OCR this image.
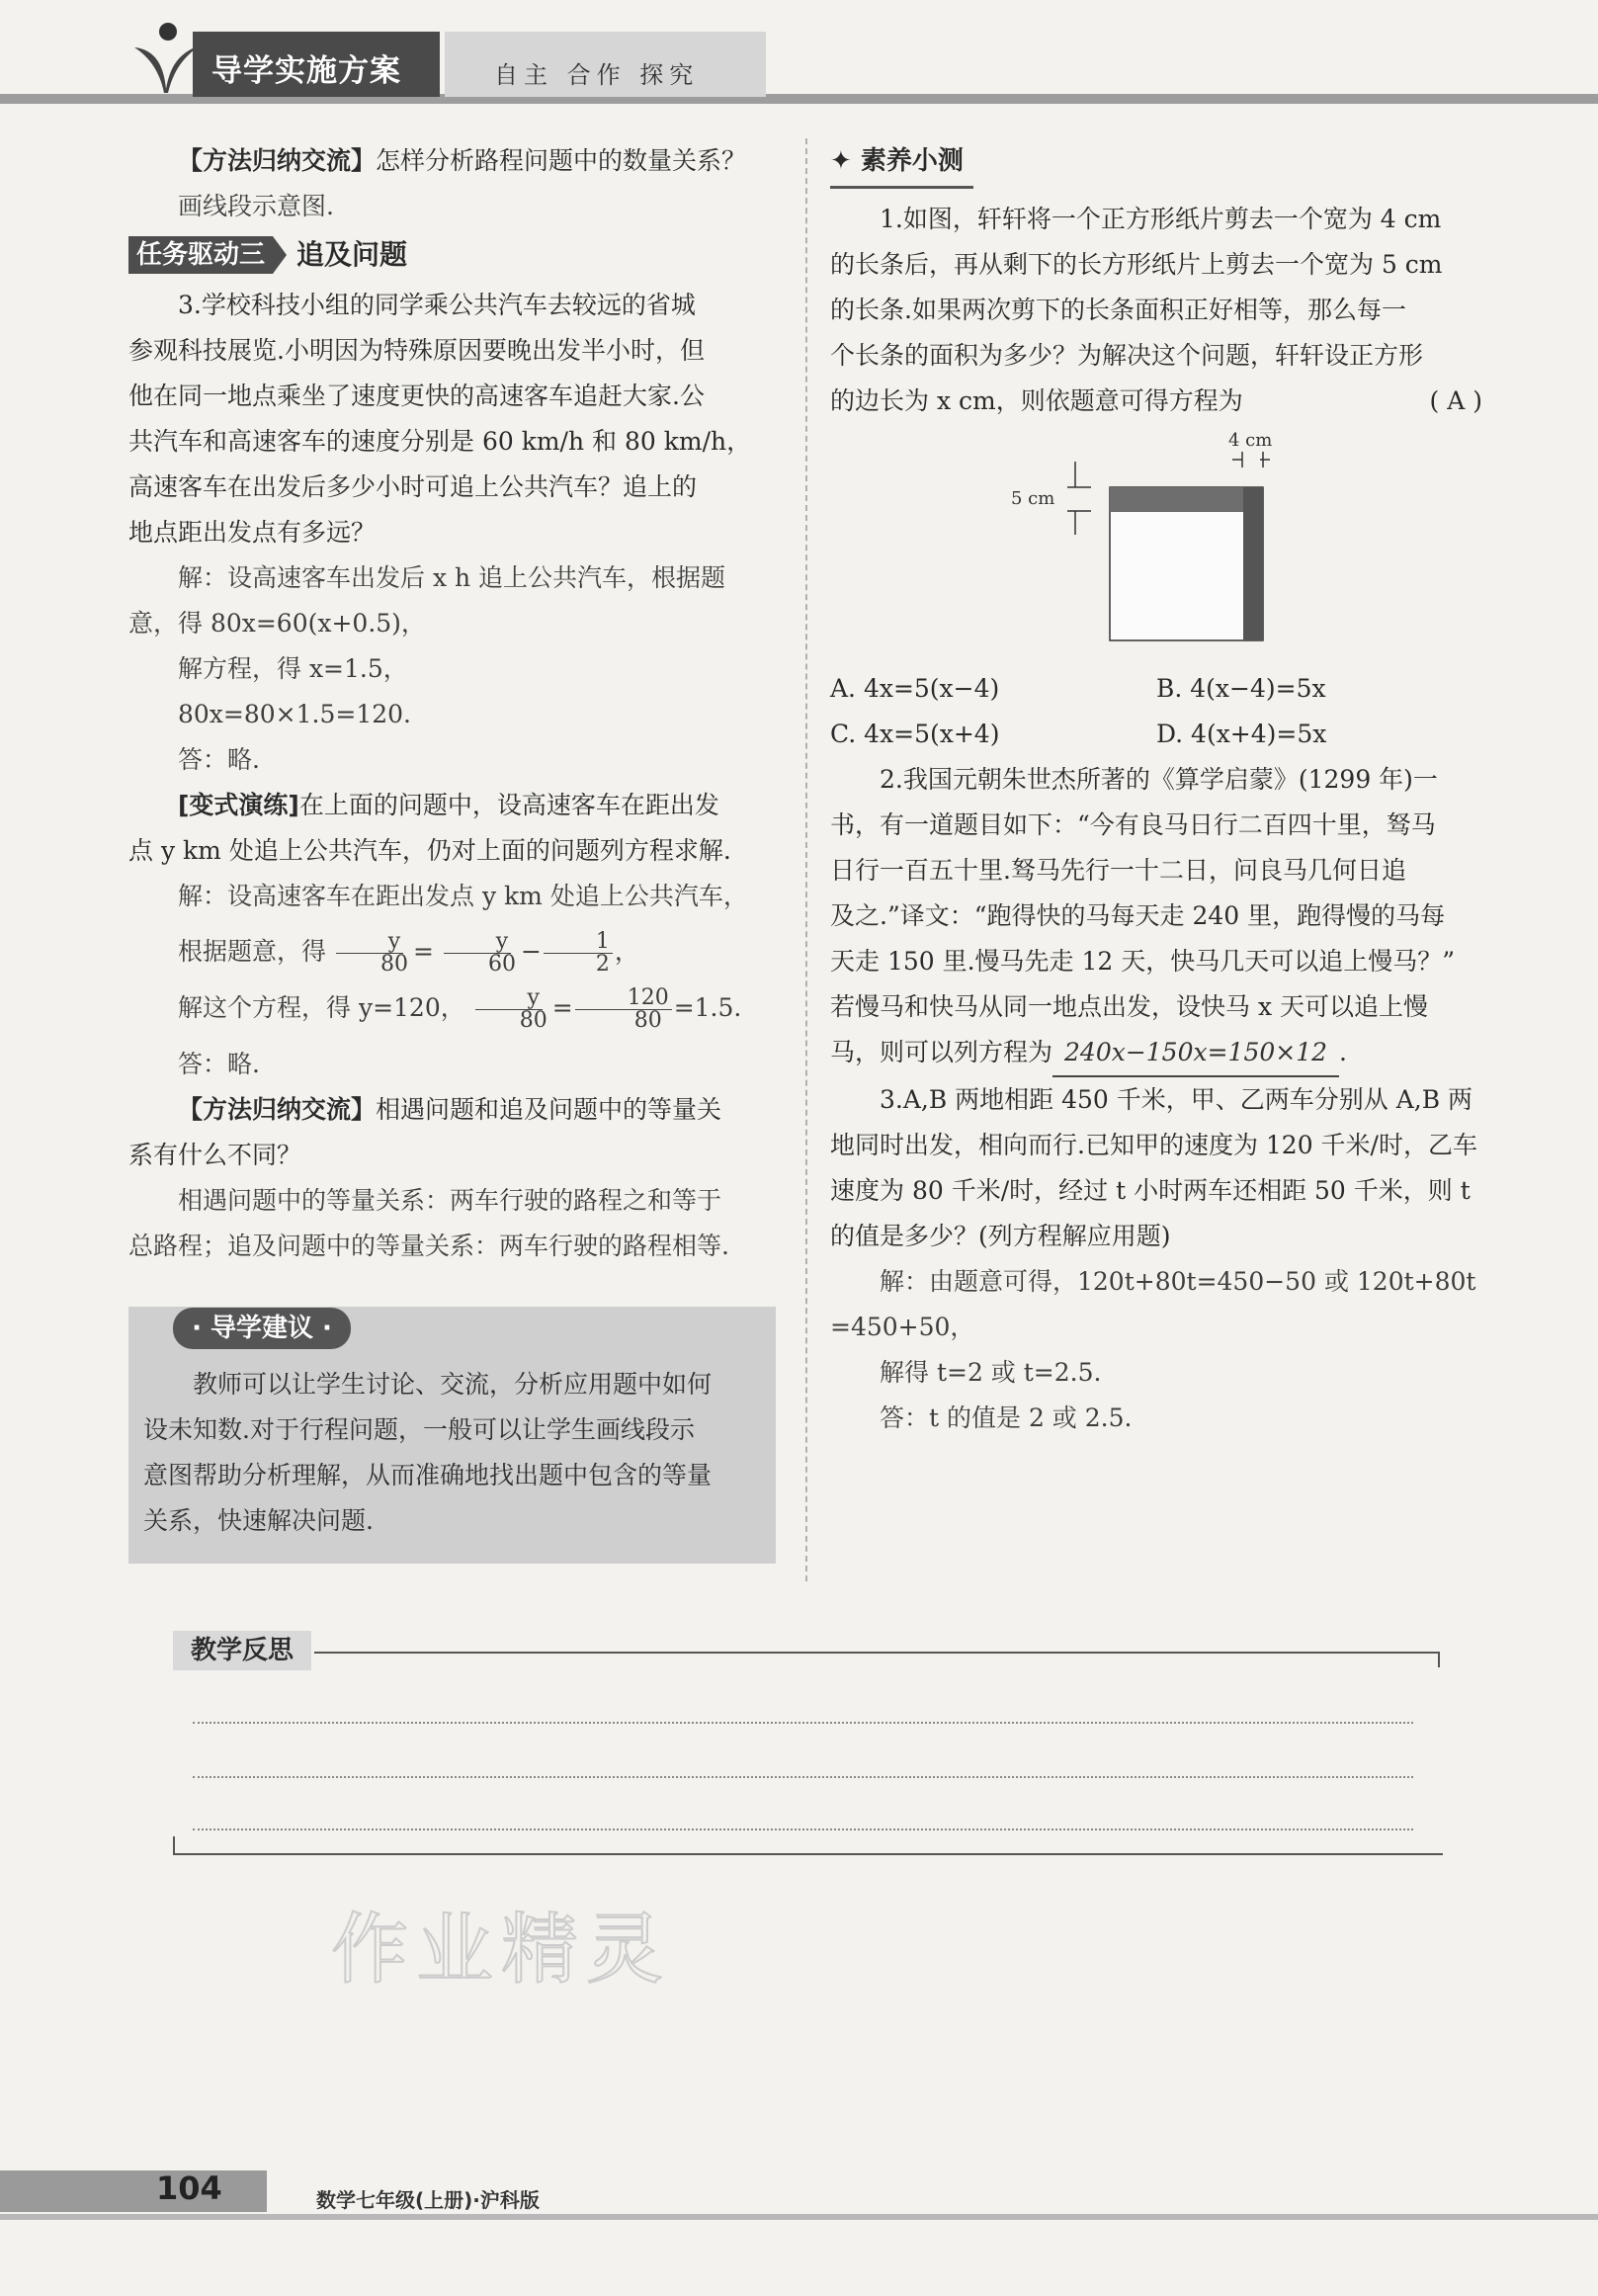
导学实施方案	自主 合作 探究

【方法归纳交流】怎样分析路程问题中的数量关系？

画线段示意图.

任务驱动三 追及问题

3.学校科技小组的同学乘公共汽车去较远的省城

参观科技展览.小明因为特殊原因要晚出发半小时，但

他在同一地点乘坐了速度更快的高速客车追赶大家.公

共汽车和高速客车的速度分别是 60 km/h 和 80 km/h，

高速客车在出发后多少小时可追上公共汽车？追上的

地点距出发点有多远？

解：设高速客车出发后 x h 追上公共汽车，根据题

意，得 80x=60(x+0.5)，

解方程，得 x=1.5，

80x=80×1.5=120.

答：略.

[变式演练]在上面的问题中，设高速客车在距出发

点 y km 处追上公共汽车，仍对上面的问题列方程求解.

解：设高速客车在距出发点 y km 处追上公共汽车，

根据题意，得 $\frac{y}{80} = \frac{y}{60} - \frac{1}{2}$ ，

解这个方程，得 y=120， $\frac{y}{80} = \frac{120}{80} =1.5$.

答：略.

【方法归纳交流】相遇问题和追及问题中的等量关

系有什么不同？

相遇问题中的等量关系：两车行驶的路程之和等于

总路程；追及问题中的等量关系：两车行驶的路程相等.

· 导学建议 ·

教师可以让学生讨论、交流，分析应用题中如何

设未知数.对于行程问题，一般可以让学生画线段示

意图帮助分析理解，从而准确地找出题中包含的等量

关系，快速解决问题.

✦ 素养小测

1.如图，轩轩将一个正方形纸片剪去一个宽为 4 cm

的长条后，再从剩下的长方形纸片上剪去一个宽为 5 cm

的长条.如果两次剪下的长条面积正好相等，那么每一

个长条的面积为多少？为解决这个问题，轩轩设正方形

的边长为 x cm，则依题意可得方程为	( A )

4 cm
5 cm
A. 4x=5(x−4)	B. 4(x−4)=5x
C. 4x=5(x+4)	D. 4(x+4)=5x

2.我国元朝朱世杰所著的《算学启蒙》(1299 年)一

书，有一道题目如下：“今有良马日行二百四十里，驽马

日行一百五十里.驽马先行一十二日，问良马几何日追

及之.”译文：“跑得快的马每天走 240 里，跑得慢的马每

天走 150 里.慢马先走 12 天，快马几天可以追上慢马？”

若慢马和快马从同一地点出发，设快马 x 天可以追上慢

马，则可以列方程为 240x−150x=150×12 .

3.A,B 两地相距 450 千米，甲、乙两车分别从 A,B 两

地同时出发，相向而行.已知甲的速度为 120 千米/时，乙车

速度为 80 千米/时，经过 t 小时两车还相距 50 千米，则 t

的值是多少？(列方程解应用题)

解：由题意可得，120t+80t=450−50 或 120t+80t

=450+50，

解得 t=2 或 t=2.5.

答：t 的值是 2 或 2.5.

教学反思
作业精灵
104	数学七年级(上册)·沪科版
